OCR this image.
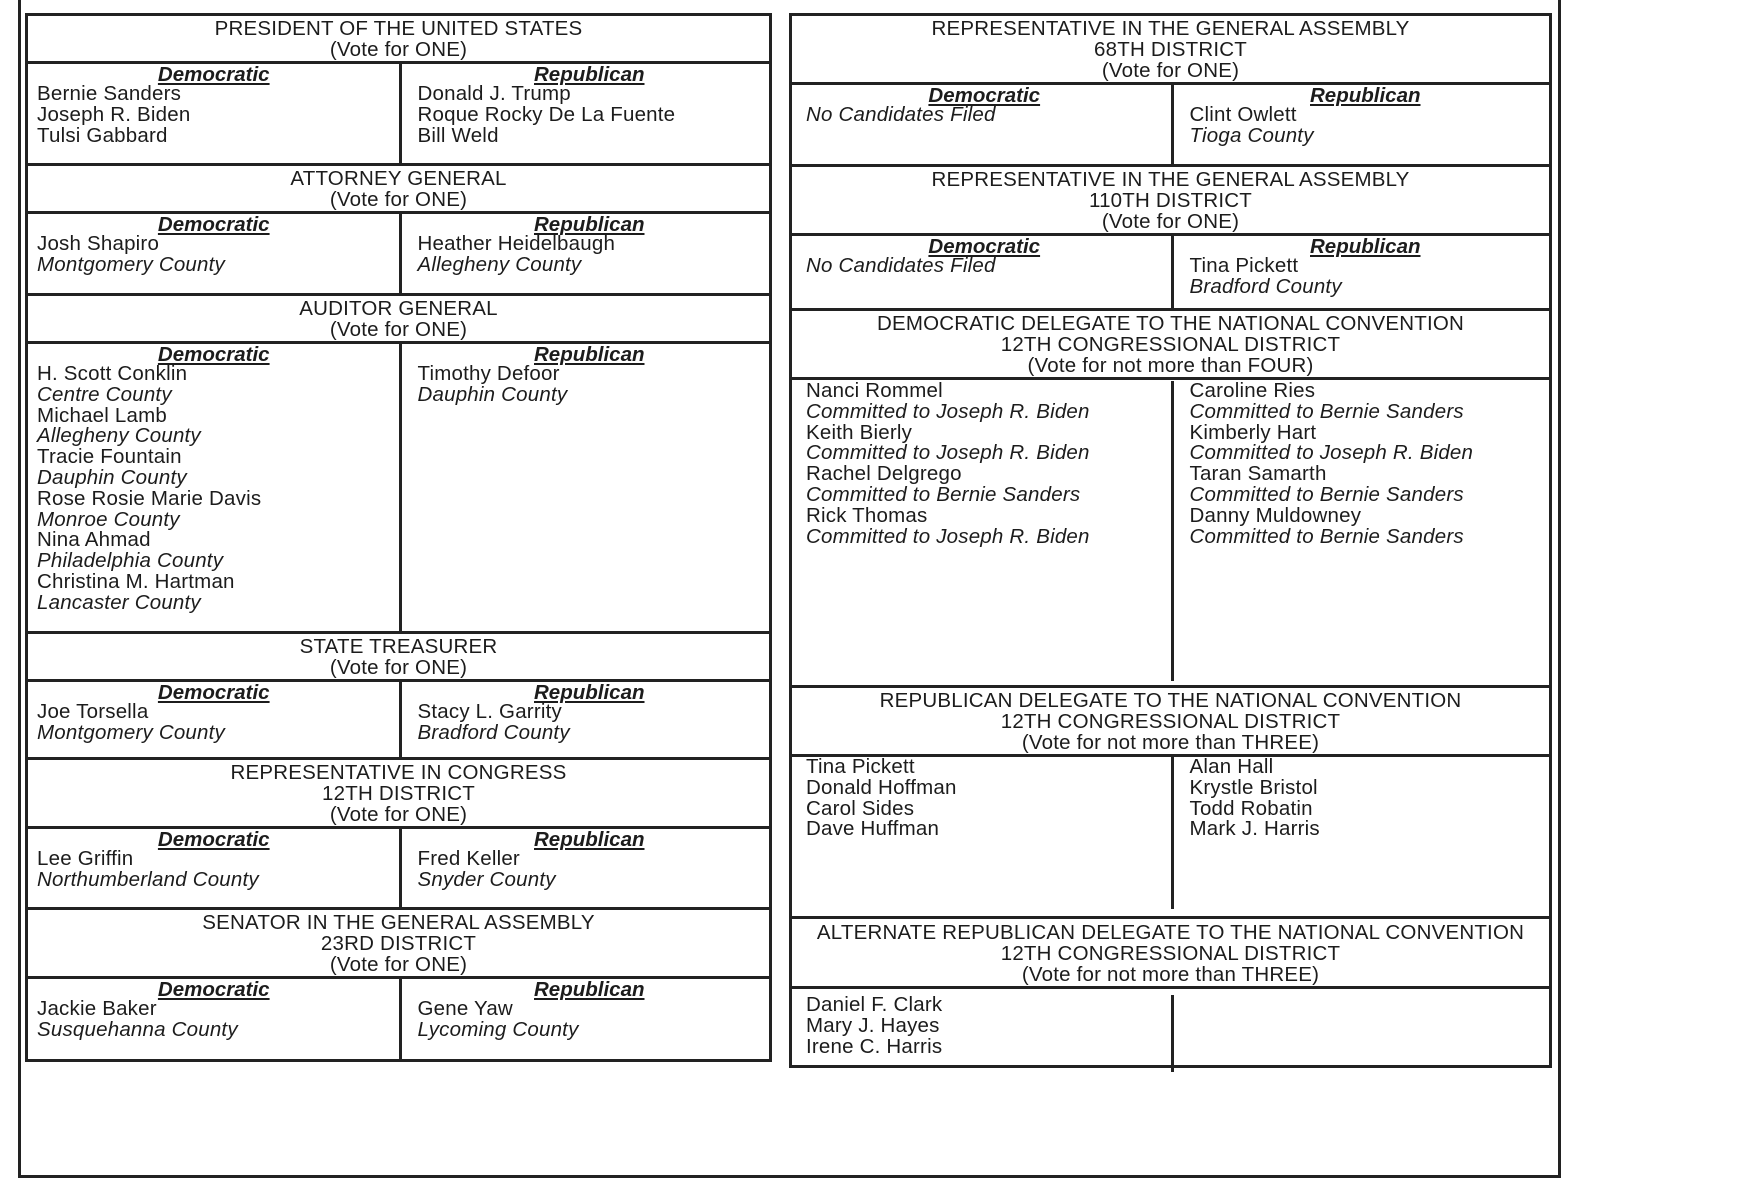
PRESIDENT OF THE UNITED STATES
(Vote for ONE)
Democratic
Bernie Sanders
Joseph R. Biden
Tulsi Gabbard
Republican
Donald J. Trump
Roque Rocky De La Fuente
Bill Weld
ATTORNEY GENERAL
(Vote for ONE)
Democratic
Josh Shapiro
Montgomery County
Republican
Heather Heidelbaugh
Allegheny County
AUDITOR GENERAL
(Vote for ONE)
Democratic
H. Scott Conklin
Centre County
Michael Lamb
Allegheny County
Tracie Fountain
Dauphin County
Rose Rosie Marie Davis
Monroe County
Nina Ahmad
Philadelphia County
Christina M. Hartman
Lancaster County
Republican
Timothy Defoor
Dauphin County
STATE TREASURER
(Vote for ONE)
Democratic
Joe Torsella
Montgomery County
Republican
Stacy L. Garrity
Bradford County
REPRESENTATIVE IN CONGRESS
12TH DISTRICT
(Vote for ONE)
Democratic
Lee Griffin
Northumberland County
Republican
Fred Keller
Snyder County
SENATOR IN THE GENERAL ASSEMBLY
23RD DISTRICT
(Vote for ONE)
Democratic
Jackie Baker
Susquehanna County
Republican
Gene Yaw
Lycoming County
REPRESENTATIVE IN THE GENERAL ASSEMBLY
68TH DISTRICT
(Vote for ONE)
Democratic
No Candidates Filed
Republican
Clint Owlett
Tioga County
REPRESENTATIVE IN THE GENERAL ASSEMBLY
110TH DISTRICT
(Vote for ONE)
Democratic
No Candidates Filed
Republican
Tina Pickett
Bradford County
DEMOCRATIC DELEGATE TO THE NATIONAL CONVENTION
12TH CONGRESSIONAL DISTRICT
(Vote for not more than FOUR)
Nanci Rommel
Committed to Joseph R. Biden
Keith Bierly
Committed to Joseph R. Biden
Rachel Delgrego
Committed to Bernie Sanders
Rick Thomas
Committed to Joseph R. Biden
Caroline Ries
Committed to Bernie Sanders
Kimberly Hart
Committed to Joseph R. Biden
Taran Samarth
Committed to Bernie Sanders
Danny Muldowney
Committed to Bernie Sanders
REPUBLICAN DELEGATE TO THE NATIONAL CONVENTION
12TH CONGRESSIONAL DISTRICT
(Vote for not more than THREE)
Tina Pickett
Donald Hoffman
Carol Sides
Dave Huffman
Alan Hall
Krystle Bristol
Todd Robatin
Mark J. Harris
ALTERNATE REPUBLICAN DELEGATE TO THE NATIONAL CONVENTION
12TH CONGRESSIONAL DISTRICT
(Vote for not more than THREE)
Daniel F. Clark
Mary J. Hayes
Irene C. Harris
